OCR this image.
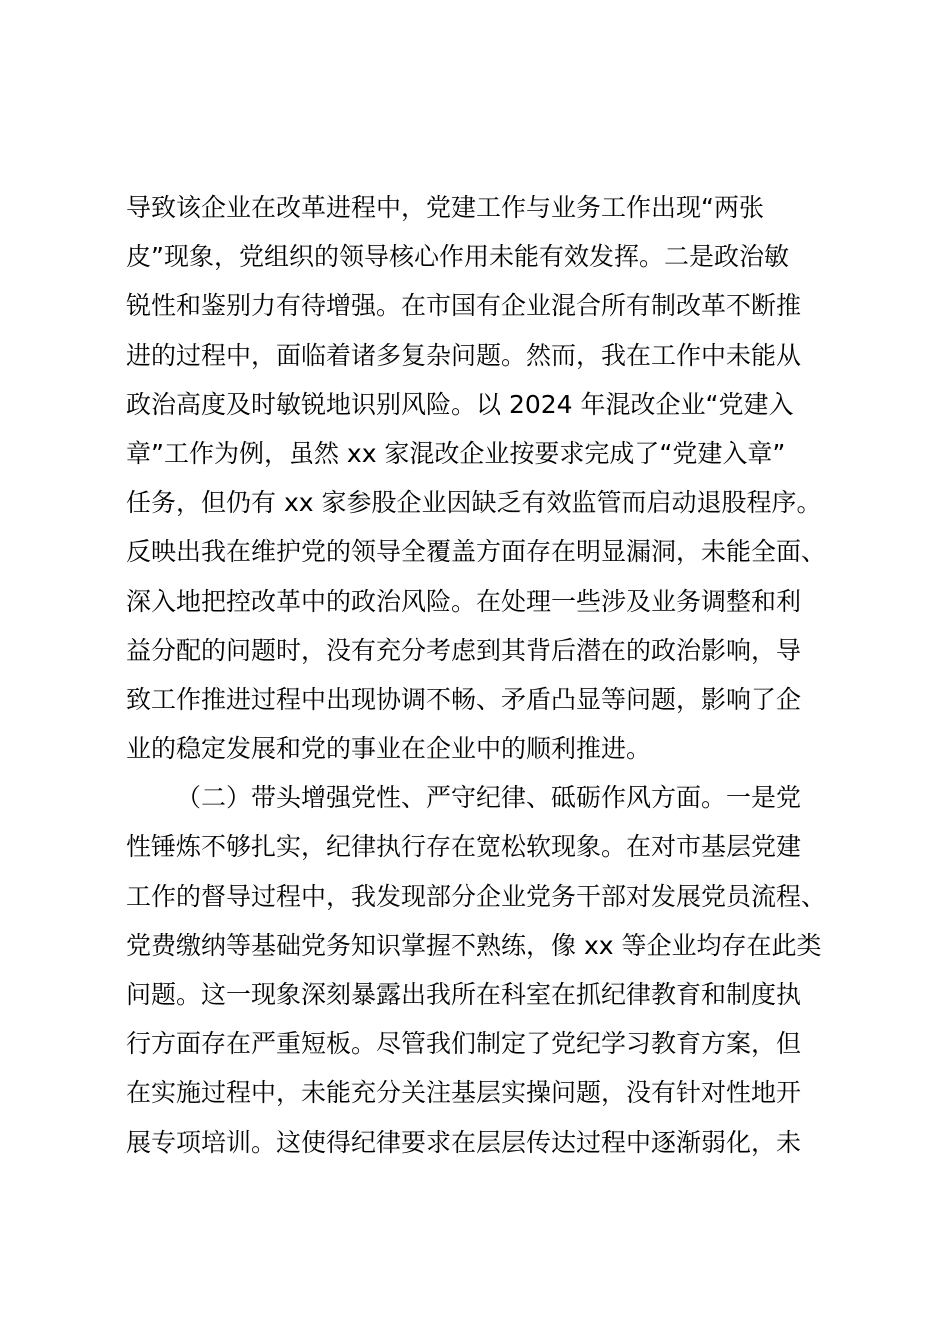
导致该企业在改革进程中，党建工作与业务工作出现“两张
皮”现象，党组织的领导核心作用未能有效发挥。二是政治敏
锐性和鉴别力有待增强。在市国有企业混合所有制改革不断推
进的过程中，面临着诸多复杂问题。然而，我在工作中未能从
政治高度及时敏锐地识别风险。以 2024 年混改企业“党建入
章”工作为例，虽然 xx 家混改企业按要求完成了“党建入章”
任务，但仍有 xx 家参股企业因缺乏有效监管而启动退股程序。
反映出我在维护党的领导全覆盖方面存在明显漏洞，未能全面、
深入地把控改革中的政治风险。在处理一些涉及业务调整和利
益分配的问题时，没有充分考虑到其背后潜在的政治影响，导
致工作推进过程中出现协调不畅、矛盾凸显等问题，影响了企
业的稳定发展和党的事业在企业中的顺利推进。
（二）带头增强党性、严守纪律、砥砺作风方面。一是党
性锤炼不够扎实，纪律执行存在宽松软现象。在对市基层党建
工作的督导过程中，我发现部分企业党务干部对发展党员流程、
党费缴纳等基础党务知识掌握不熟练，像 xx 等企业均存在此类
问题。这一现象深刻暴露出我所在科室在抓纪律教育和制度执
行方面存在严重短板。尽管我们制定了党纪学习教育方案，但
在实施过程中，未能充分关注基层实操问题，没有针对性地开
展专项培训。这使得纪律要求在层层传达过程中逐渐弱化，未
